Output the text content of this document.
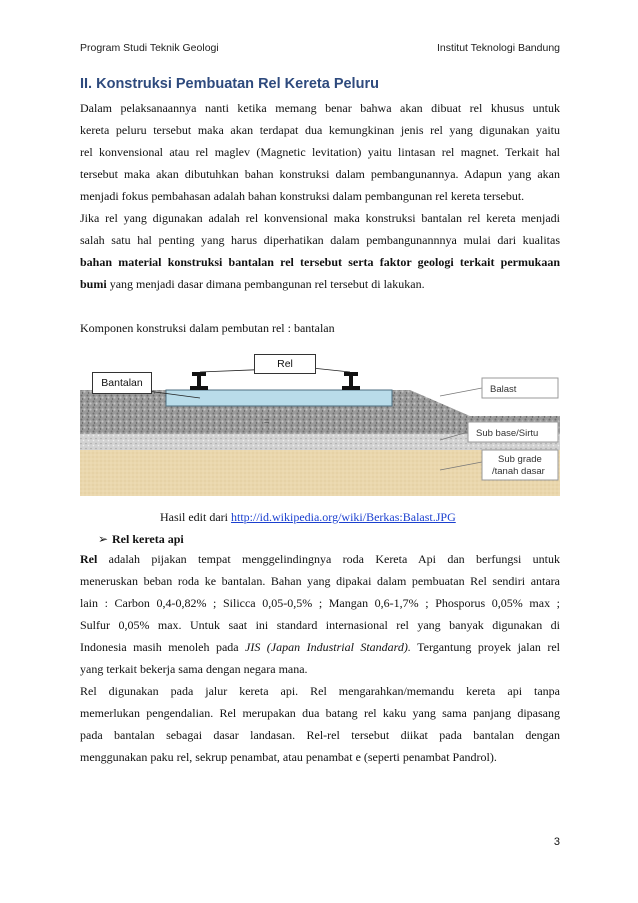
Program Studi Teknik Geologi	Institut Teknologi Bandung
II. Konstruksi Pembuatan Rel Kereta Peluru
Dalam pelaksanaannya nanti ketika memang benar bahwa akan dibuat rel khusus untuk
kereta peluru tersebut maka akan terdapat dua kemungkinan jenis rel yang digunakan yaitu
rel konvensional atau rel maglev (Magnetic levitation) yaitu lintasan rel magnet. Terkait hal
tersebut maka akan dibutuhkan bahan konstruksi dalam pembangunannya. Adapun yang akan
menjadi fokus pembahasan adalah bahan konstruksi dalam pembangunan rel kereta tersebut.
Jika rel yang digunakan adalah rel konvensional maka konstruksi bantalan rel kereta menjadi
salah satu hal penting yang harus diperhatikan dalam pembangunannnya mulai dari kualitas
bahan material konstruksi bantalan rel tersebut serta faktor geologi terkait permukaan
bumi yang menjadi dasar dimana pembangunan rel tersebut di lakukan.
Komponen konstruksi dalam pembutan rel : bantalan
=
Balast
Sub base/Sirtu
Sub grade
/tanah dasar
Rel
Bantalan
Hasil edit dari http://id.wikipedia.org/wiki/Berkas:Balast.JPG
➢ Rel kereta api
Rel adalah pijakan tempat menggelindingnya roda Kereta Api dan berfungsi untuk
meneruskan beban roda ke bantalan. Bahan yang dipakai dalam pembuatan Rel sendiri antara
lain : Carbon 0,4-0,82% ; Silicca 0,05-0,5% ; Mangan 0,6-1,7% ; Phosporus 0,05% max ;
Sulfur 0,05% max. Untuk saat ini standard internasional rel yang banyak digunakan di
Indonesia masih menoleh pada JIS (Japan Industrial Standard). Tergantung proyek jalan rel
yang terkait bekerja sama dengan negara mana.
Rel digunakan pada jalur kereta api. Rel mengarahkan/memandu kereta api tanpa
memerlukan pengendalian. Rel merupakan dua batang rel kaku yang sama panjang dipasang
pada bantalan sebagai dasar landasan. Rel-rel tersebut diikat pada bantalan dengan
menggunakan paku rel, sekrup penambat, atau penambat e (seperti penambat Pandrol).
3
